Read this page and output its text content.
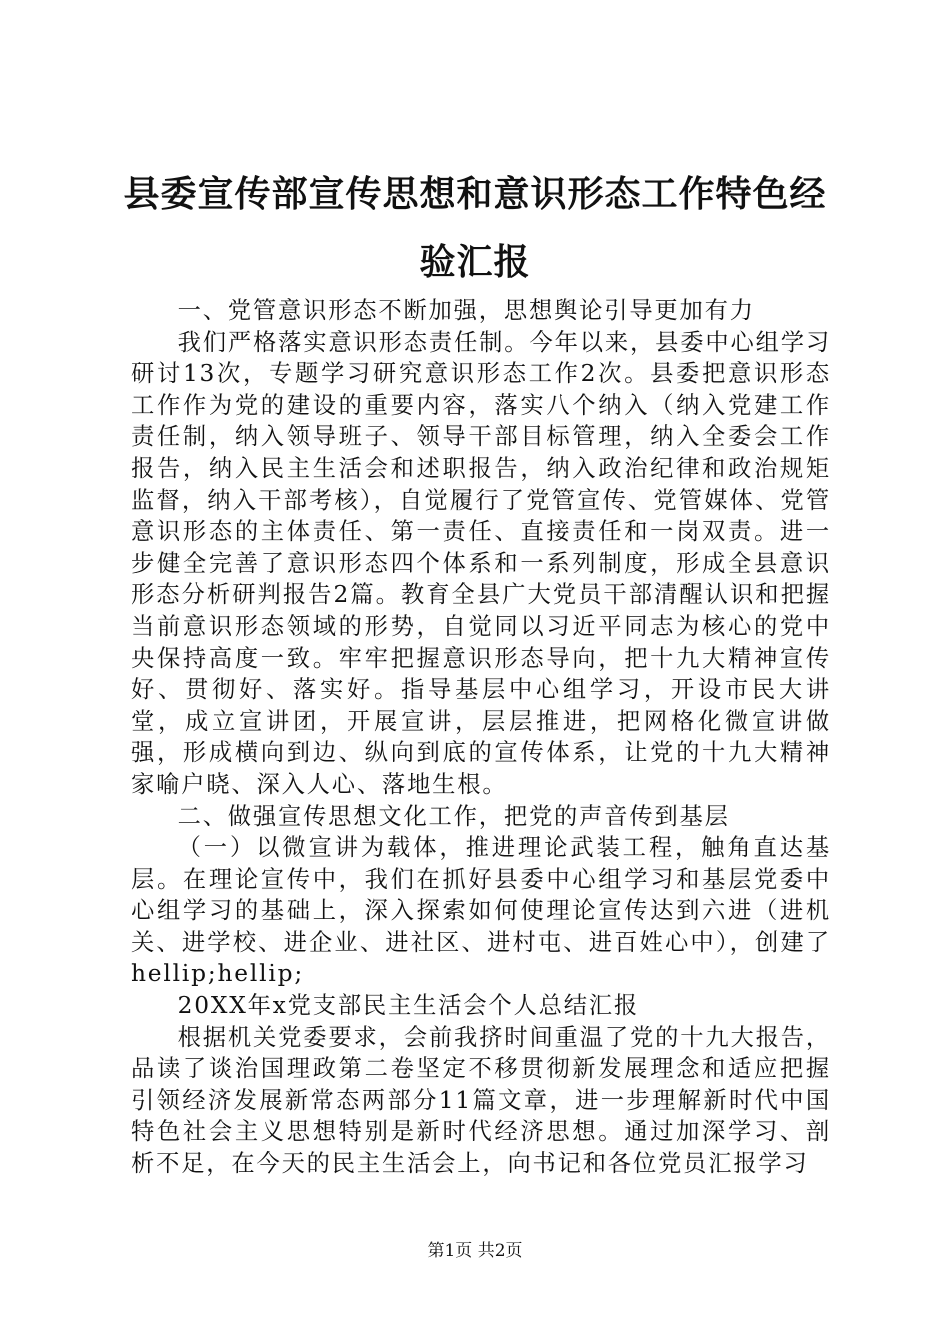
县委宣传部宣传思想和意识形态工作特色经验汇报

一、党管意识形态不断加强，思想舆论引导更加有力

我们严格落实意识形态责任制。今年以来，县委中心组学习研讨13次，专题学习研究意识形态工作2次。县委把意识形态工作作为党的建设的重要内容，落实八个纳入（纳入党建工作责任制，纳入领导班子、领导干部目标管理，纳入全委会工作报告，纳入民主生活会和述职报告，纳入政治纪律和政治规矩监督，纳入干部考核），自觉履行了党管宣传、党管媒体、党管意识形态的主体责任、第一责任、直接责任和一岗双责。进一步健全完善了意识形态四个体系和一系列制度，形成全县意识形态分析研判报告2篇。教育全县广大党员干部清醒认识和把握当前意识形态领域的形势，自觉同以习近平同志为核心的党中央保持高度一致。牢牢把握意识形态导向，把十九大精神宣传好、贯彻好、落实好。指导基层中心组学习，开设市民大讲堂，成立宣讲团，开展宣讲，层层推进，把网格化微宣讲做强，形成横向到边、纵向到底的宣传体系，让党的十九大精神家喻户晓、深入人心、落地生根。

二、做强宣传思想文化工作，把党的声音传到基层

（一）以微宣讲为载体，推进理论武装工程，触角直达基层。在理论宣传中，我们在抓好县委中心组学习和基层党委中心组学习的基础上，深入探索如何使理论宣传达到六进（进机关、进学校、进企业、进社区、进村屯、进百姓心中），创建了hellip;hellip;

20XX年x党支部民主生活会个人总结汇报

根据机关党委要求，会前我挤时间重温了党的十九大报告，品读了谈治国理政第二卷坚定不移贯彻新发展理念和适应把握引领经济发展新常态两部分11篇文章，进一步理解新时代中国特色社会主义思想特别是新时代经济思想。通过加深学习、剖析不足，在今天的民主生活会上，向书记和各位党员汇报学习

第1页 共2页
